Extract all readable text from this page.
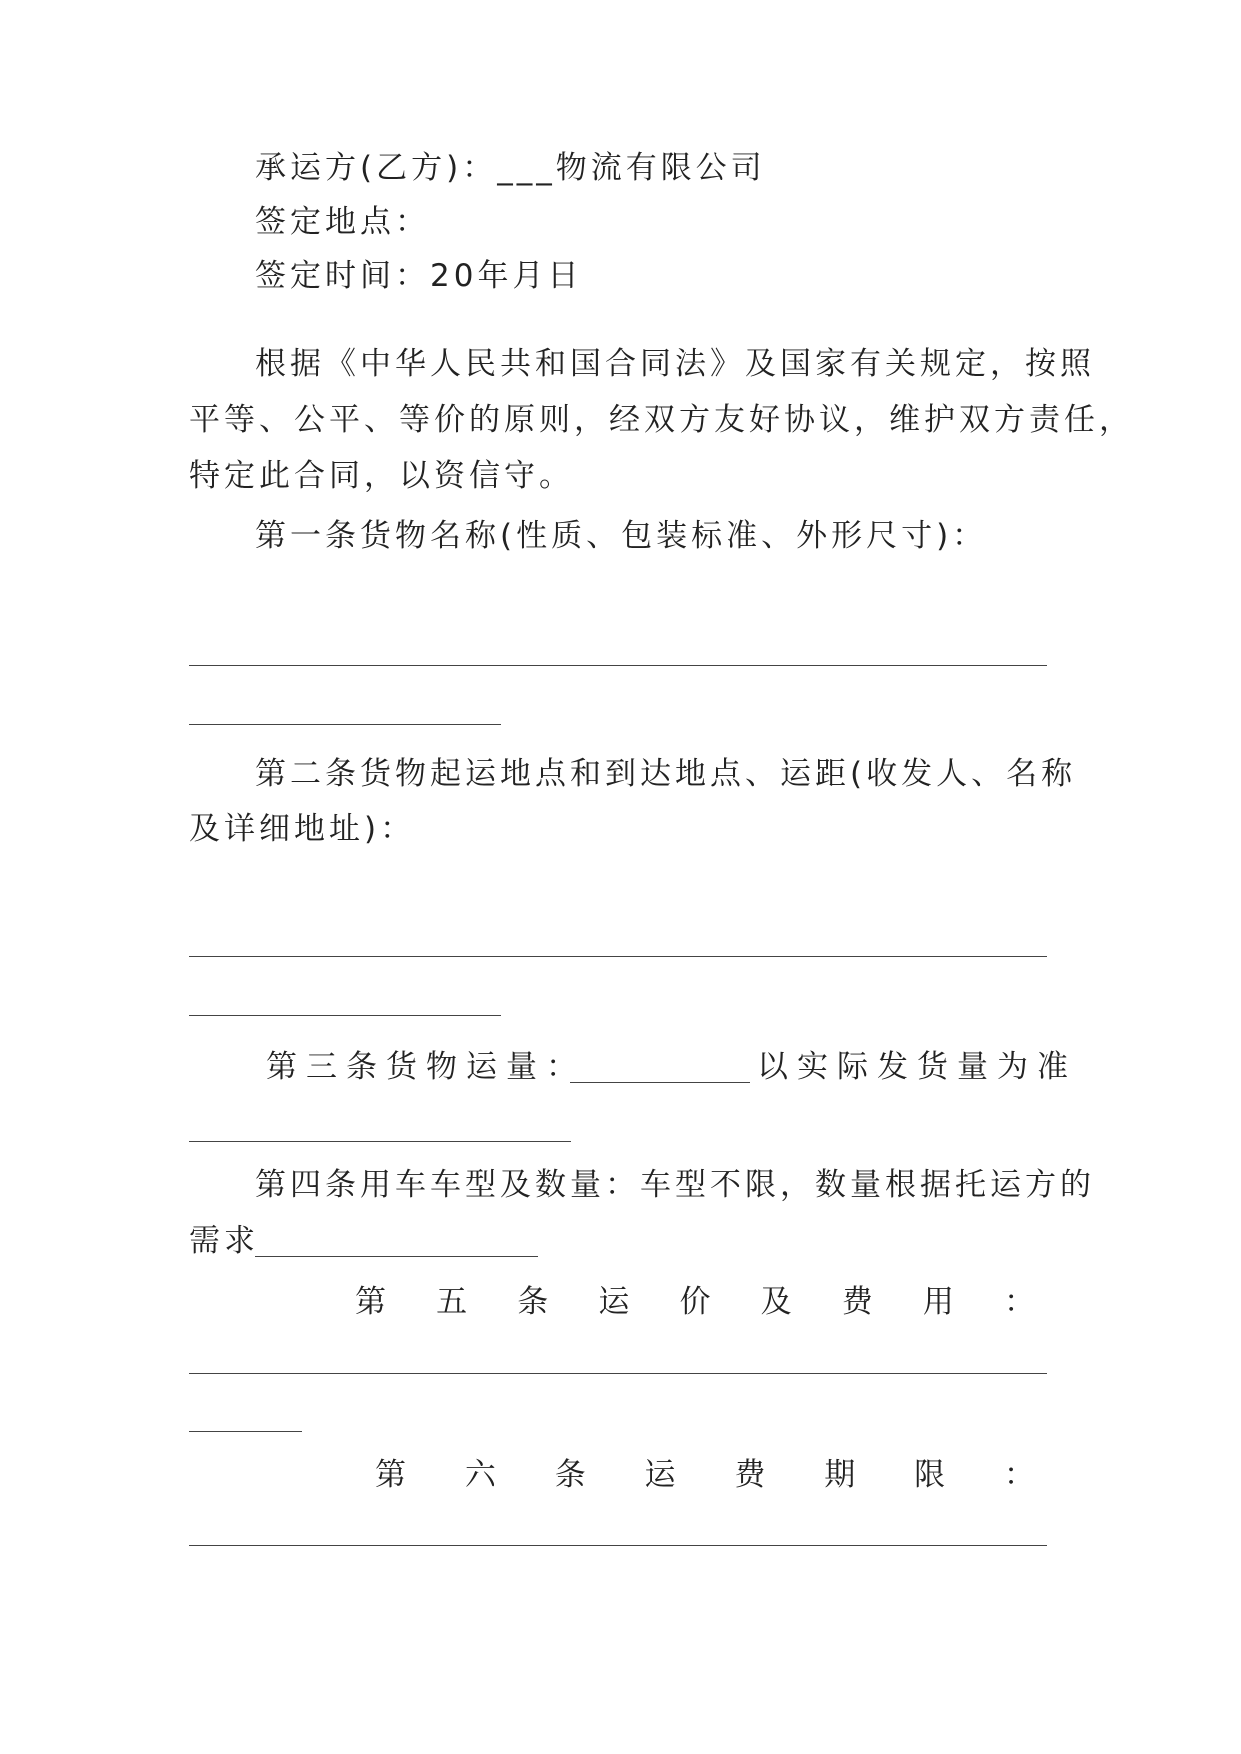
承运方(乙方)：___物流有限公司
签定地点：
签定时间：20年月日
根据《中华人民共和国合同法》及国家有关规定，按照
平等、公平、等价的原则，经双方友好协议，维护双方责任，
特定此合同，以资信守。
第一条货物名称(性质、包装标准、外形尺寸)：
第二条货物起运地点和到达地点、运距(收发人、名称
及详细地址)：
第三条货物运量：	以实际发货量为准
第四条用车车型及数量：车型不限，数量根据托运方的
需求
第 五 条 运 价 及 费 用 ：
第 六 条 运 费 期 限 ：
